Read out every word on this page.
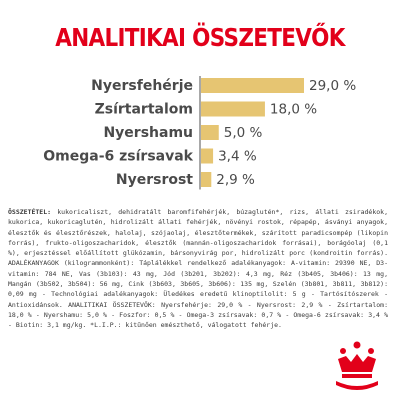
ANALITIKAI ÖSSZETEVŐK
Nyersfehérje	29,0 %
Zsírtartalom	18,0 %
Nyershamu 5,0 %
Omega-6 zsírsavak 3,4 %
Nyersrost 2,9 %
ÖSSZETÉTEL: kukoricaliszt, dehidratált baromfifehérjék, búzaglutén*, rizs, állati zsiradékok, kukorica, kukoricaglutén, hidrolizált állati fehérjék, növényi rostok, répapép, ásványi anyagok, élesztők és élesztőrészek, halolaj, szójaolaj, élesztőtermékek, szárított paradicsompép (likopin forrás), frukto-oligoszacharidok, élesztők (mannán-oligoszacharidok forrásai), borágóolaj (0,1 %), erjesztéssel előállított glükózamin, bársonyvirág por, hidrolizált porc (kondroitin forrás). ADALÉKANYAGOK (kilogrammonként): Táplálékkel rendelkező adalékanyagok: A-vitamin: 29390 NE, D3-vitamin: 784 NE, Vas (3b103): 43 mg, Jód (3b201, 3b202): 4,3 mg, Réz (3b405, 3b406): 13 mg, Mangán (3b502, 3b504): 56 mg, Cink (3b603, 3b605, 3b606): 135 mg, Szelén (3b801, 3b811, 3b812): 0,09 mg - Technológiai adalékanyagok: Üledékes eredetű klinoptilolit: 5 g - Tartósítószerek - Antioxidánsok. ANALITIKAI ÖSSZETEVŐK: Nyersfehérje: 29,0 % - Nyersrost: 2,9 % - Zsírtartalom: 18,0 % - Nyershamu: 5,0 % - Foszfor: 0,5 % - Omega-3 zsírsavak: 0,7 % - Omega-6 zsírsavak: 3,4 % - Biotin: 3,1 mg/kg. *L.I.P.: kitűnően emészthető, válogatott fehérje.
